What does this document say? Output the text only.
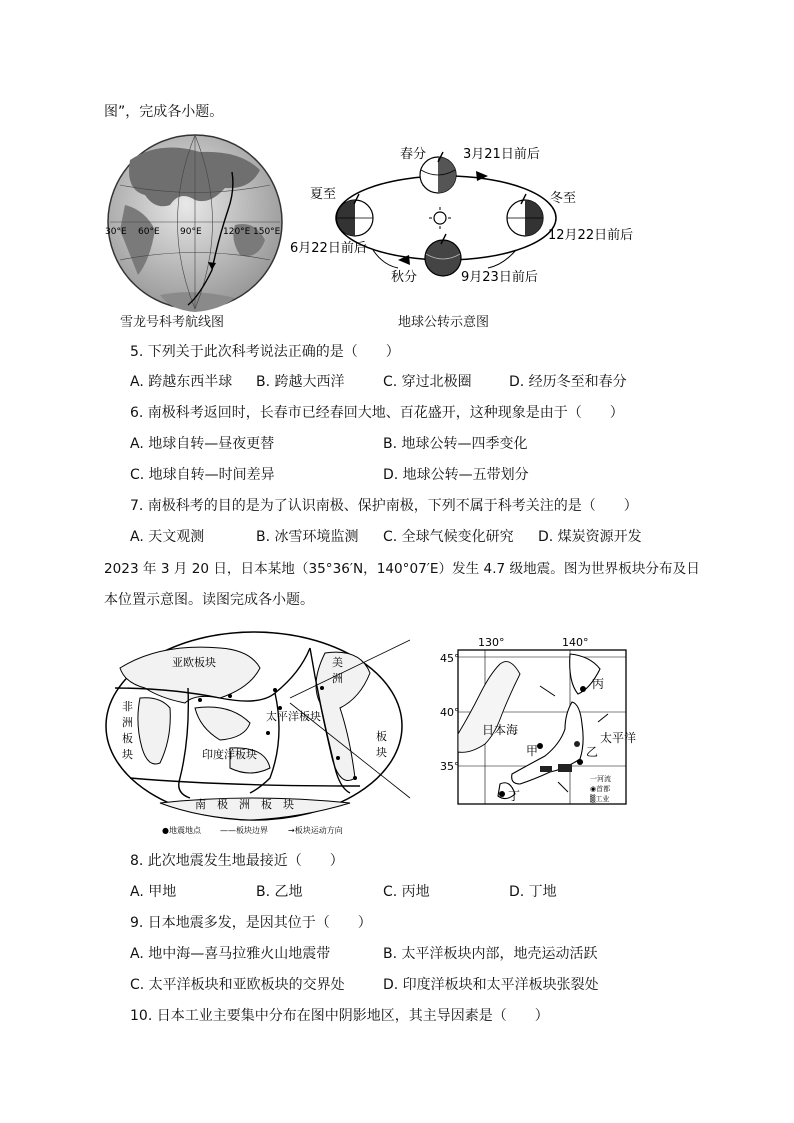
图”，完成各小题。
30°E 60°E 90°E 120°E 150°E
雪龙号科考航线图
春分	3月21日前后
夏至
6月22日前后
秋分	9月23日前后
冬至
12月22日前后
地球公转示意图
5. 下列关于此次科考说法正确的是（　　）
A. 跨越东西半球 B. 跨越大西洋	C. 穿过北极圈	D. 经历冬至和春分
6. 南极科考返回时，长春市已经春回大地、百花盛开，这种现象是由于（　　）
A. 地球自转—昼夜更替	B. 地球公转—四季变化
C. 地球自转—时间差异	D. 地球公转—五带划分
7. 南极科考的目的是为了认识南极、保护南极，下列不属于科考关注的是（　　）
A. 天文观测	B. 冰雪环境监测 C. 全球气候变化研究 D. 煤炭资源开发
2023 年 3 月 20 日，日本某地（35°36′N，140°07′E）发生 4.7 级地震。图为世界板块分布及日
本位置示意图。读图完成各小题。
亚欧板块
非
洲
板
块
太平洋板块
印度洋板块
南　极　洲　板　块
美
洲
板
块
●地震地点 ——板块边界	→板块运动方向
130°	140°
45°
40°
35°
日本海
太平洋
甲	乙
丙
丁
一河流
◉首都
▒工业
8. 此次地震发生地最接近（　　）
A. 甲地	B. 乙地	C. 丙地	D. 丁地
9. 日本地震多发，是因其位于（　　）
A. 地中海—喜马拉雅火山地震带	B. 太平洋板块内部，地壳运动活跃
C. 太平洋板块和亚欧板块的交界处	D. 印度洋板块和太平洋板块张裂处
10. 日本工业主要集中分布在图中阴影地区，其主导因素是（　　）
